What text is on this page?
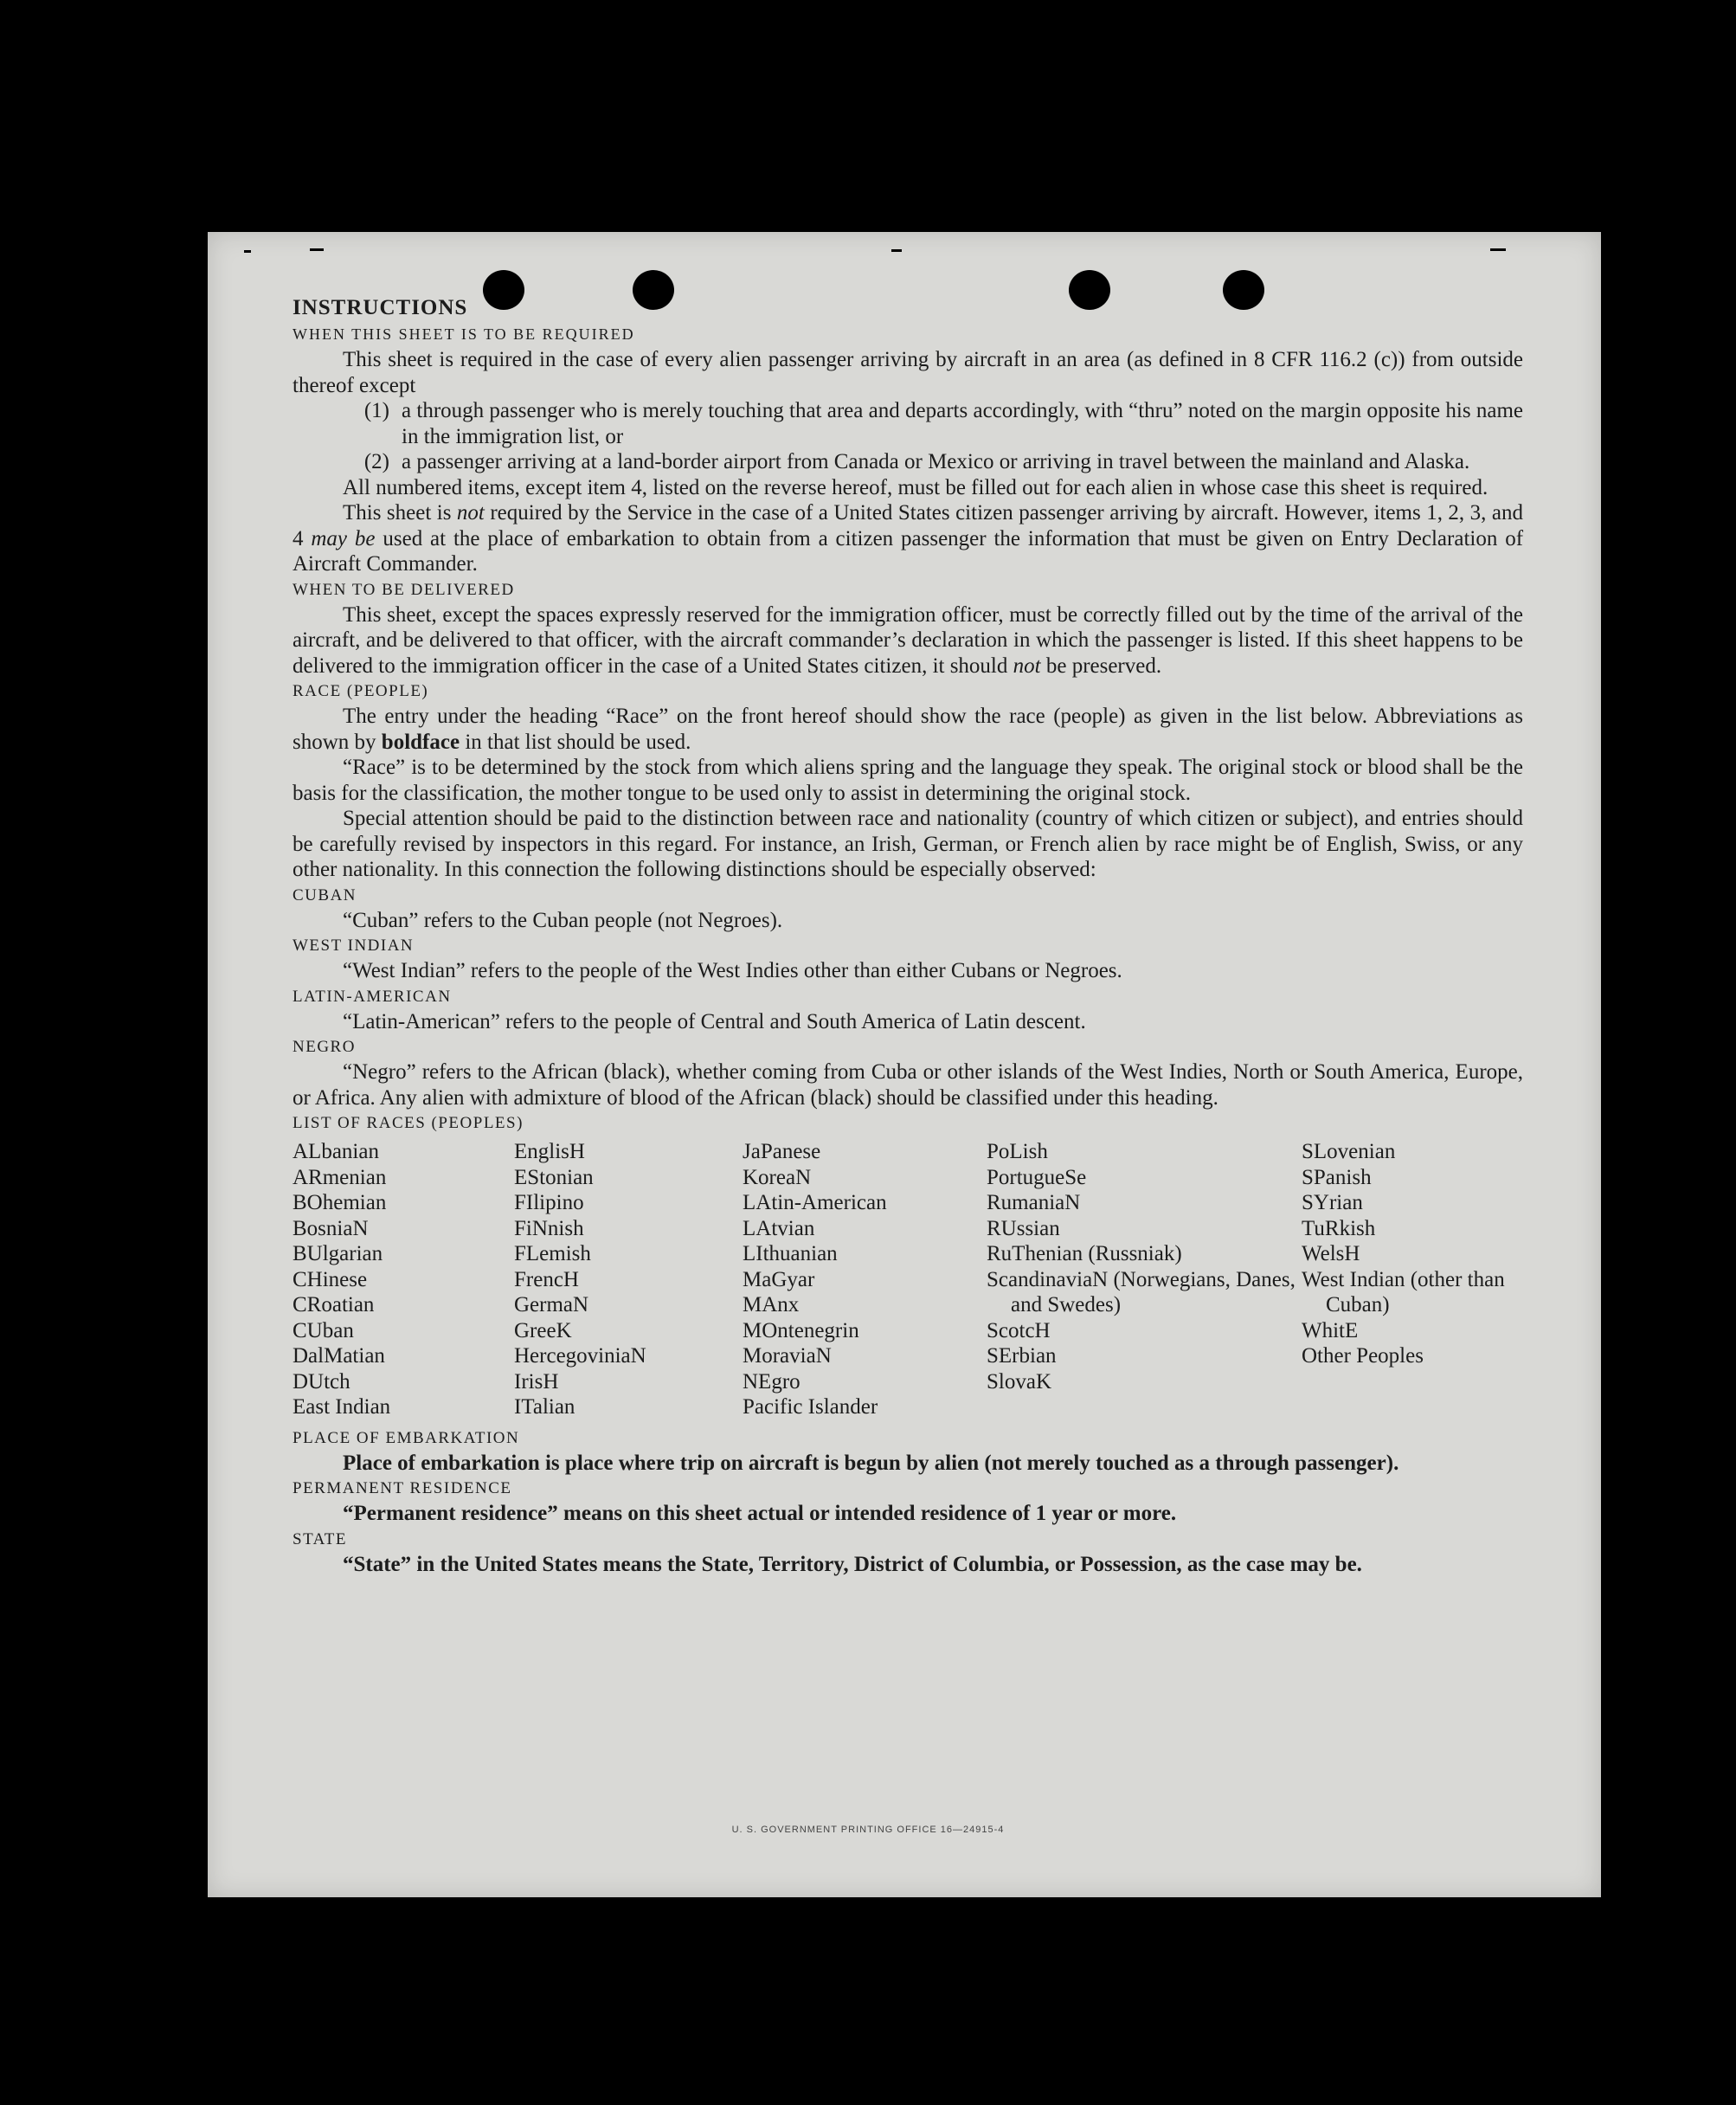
INSTRUCTIONS

WHEN THIS SHEET IS TO BE REQUIRED

This sheet is required in the case of every alien passenger arriving by aircraft in an area (as defined in 8 CFR 116.2 (c)) from outside thereof except

(1) a through passenger who is merely touching that area and departs accordingly, with “thru” noted on the margin opposite his name in the immigration list, or
(2) a passenger arriving at a land-border airport from Canada or Mexico or arriving in travel between the mainland and Alaska.

All numbered items, except item 4, listed on the reverse hereof, must be filled out for each alien in whose case this sheet is required.

This sheet is not required by the Service in the case of a United States citizen passenger arriving by aircraft. However, items 1, 2, 3, and 4 may be used at the place of embarkation to obtain from a citizen passenger the information that must be given on Entry Declaration of Aircraft Commander.

WHEN TO BE DELIVERED

This sheet, except the spaces expressly reserved for the immigration officer, must be correctly filled out by the time of the arrival of the aircraft, and be delivered to that officer, with the aircraft commander’s declaration in which the passenger is listed. If this sheet happens to be delivered to the immigration officer in the case of a United States citizen, it should not be preserved.

RACE (PEOPLE)

The entry under the heading “Race” on the front hereof should show the race (people) as given in the list below. Abbreviations as shown by boldface in that list should be used.

“Race” is to be determined by the stock from which aliens spring and the language they speak. The original stock or blood shall be the basis for the classification, the mother tongue to be used only to assist in determining the original stock.

Special attention should be paid to the distinction between race and nationality (country of which citizen or subject), and entries should be carefully revised by inspectors in this regard. For instance, an Irish, German, or French alien by race might be of English, Swiss, or any other nationality. In this connection the following distinctions should be especially observed:

CUBAN

“Cuban” refers to the Cuban people (not Negroes).

WEST INDIAN

“West Indian” refers to the people of the West Indies other than either Cubans or Negroes.

LATIN-AMERICAN

“Latin-American” refers to the people of Central and South America of Latin descent.

NEGRO

“Negro” refers to the African (black), whether coming from Cuba or other islands of the West Indies, North or South America, Europe, or Africa. Any alien with admixture of blood of the African (black) should be classified under this heading.

LIST OF RACES (PEOPLES)

ALbanian
ARmenian
BOhemian
BosniaN
BUlgarian
CHinese
CRoatian
CUban
DalMatian
DUtch
East Indian
EnglisH
EStonian
FIlipino
FiNnish
FLemish
FrencH
GermaN
GreeK
HercegoviniaN
IrisH
ITalian
JaPanese
KoreaN
LAtin-American
LAtvian
LIthuanian
MaGyar
MAnx
MOntenegrin
MoraviaN
NEgro
Pacific Islander
PoLish
PortugueSe
RumaniaN
RUssian
RuThenian (Russniak)
ScandinaviaN (Norwegians, Danes, and Swedes)
ScotcH
SErbian
SlovaK
SLovenian
SPanish
SYrian
TuRkish
WelsH
West Indian (other than Cuban)
WhitE
Other Peoples

PLACE OF EMBARKATION

Place of embarkation is place where trip on aircraft is begun by alien (not merely touched as a through passenger).

PERMANENT RESIDENCE

“Permanent residence” means on this sheet actual or intended residence of 1 year or more.

STATE

“State” in the United States means the State, Territory, District of Columbia, or Possession, as the case may be.

U. S. GOVERNMENT PRINTING OFFICE 16—24915-4
